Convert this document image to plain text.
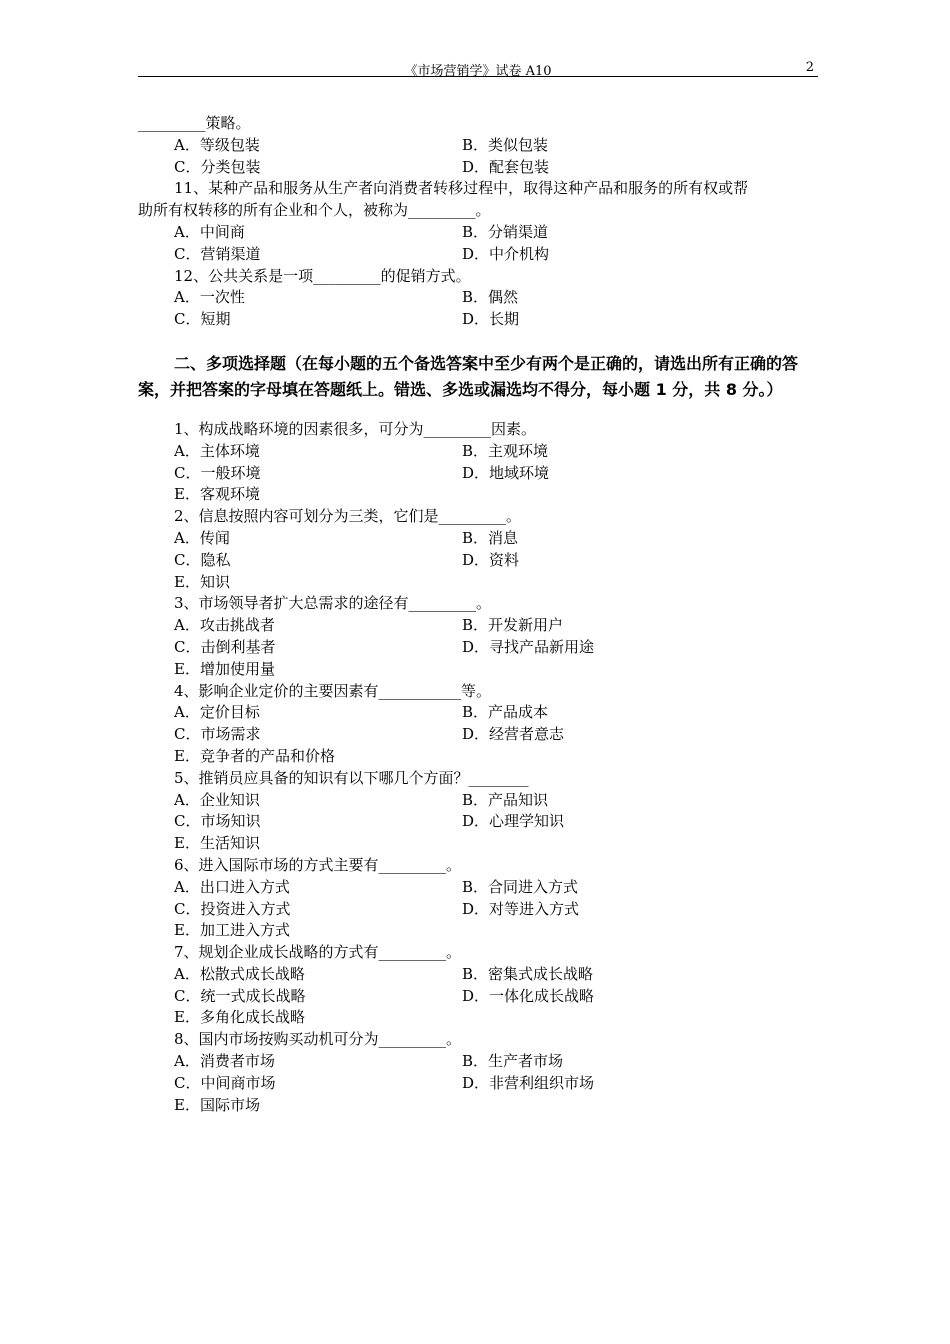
《市场营销学》试卷 A10	2
_________策略。
A．等级包装	B．类似包装
C．分类包装	D．配套包装
11、某种产品和服务从生产者向消费者转移过程中，取得这种产品和服务的所有权或帮
助所有权转移的所有企业和个人，被称为_________。
A．中间商	B．分销渠道
C．营销渠道	D．中介机构
12、公共关系是一项_________的促销方式。
A．一次性	B．偶然
C．短期	D．长期
二、多项选择题（在每小题的五个备选答案中至少有两个是正确的，请选出所有正确的答案，并把答案的字母填在答题纸上。错选、多选或漏选均不得分，每小题 1 分，共 8 分。）
1、构成战略环境的因素很多，可分为_________因素。
A．主体环境	B．主观环境
C．一般环境	D．地域环境
E．客观环境
2、信息按照内容可划分为三类，它们是_________。
A．传闻	B．消息
C．隐私	D．资料
E．知识
3、市场领导者扩大总需求的途径有_________。
A．攻击挑战者	B．开发新用户
C．击倒利基者	D．寻找产品新用途
E．增加使用量
4、影响企业定价的主要因素有___________等。
A．定价目标	B．产品成本
C．市场需求	D．经营者意志
E．竞争者的产品和价格
5、推销员应具备的知识有以下哪几个方面？________
A．企业知识	B．产品知识
C．市场知识	D．心理学知识
E．生活知识
6、进入国际市场的方式主要有_________。
A．出口进入方式	B．合同进入方式
C．投资进入方式	D．对等进入方式
E．加工进入方式
7、规划企业成长战略的方式有_________。
A．松散式成长战略	B．密集式成长战略
C．统一式成长战略	D．一体化成长战略
E．多角化成长战略
8、国内市场按购买动机可分为_________。
A．消费者市场	B．生产者市场
C．中间商市场	D．非营利组织市场
E．国际市场
